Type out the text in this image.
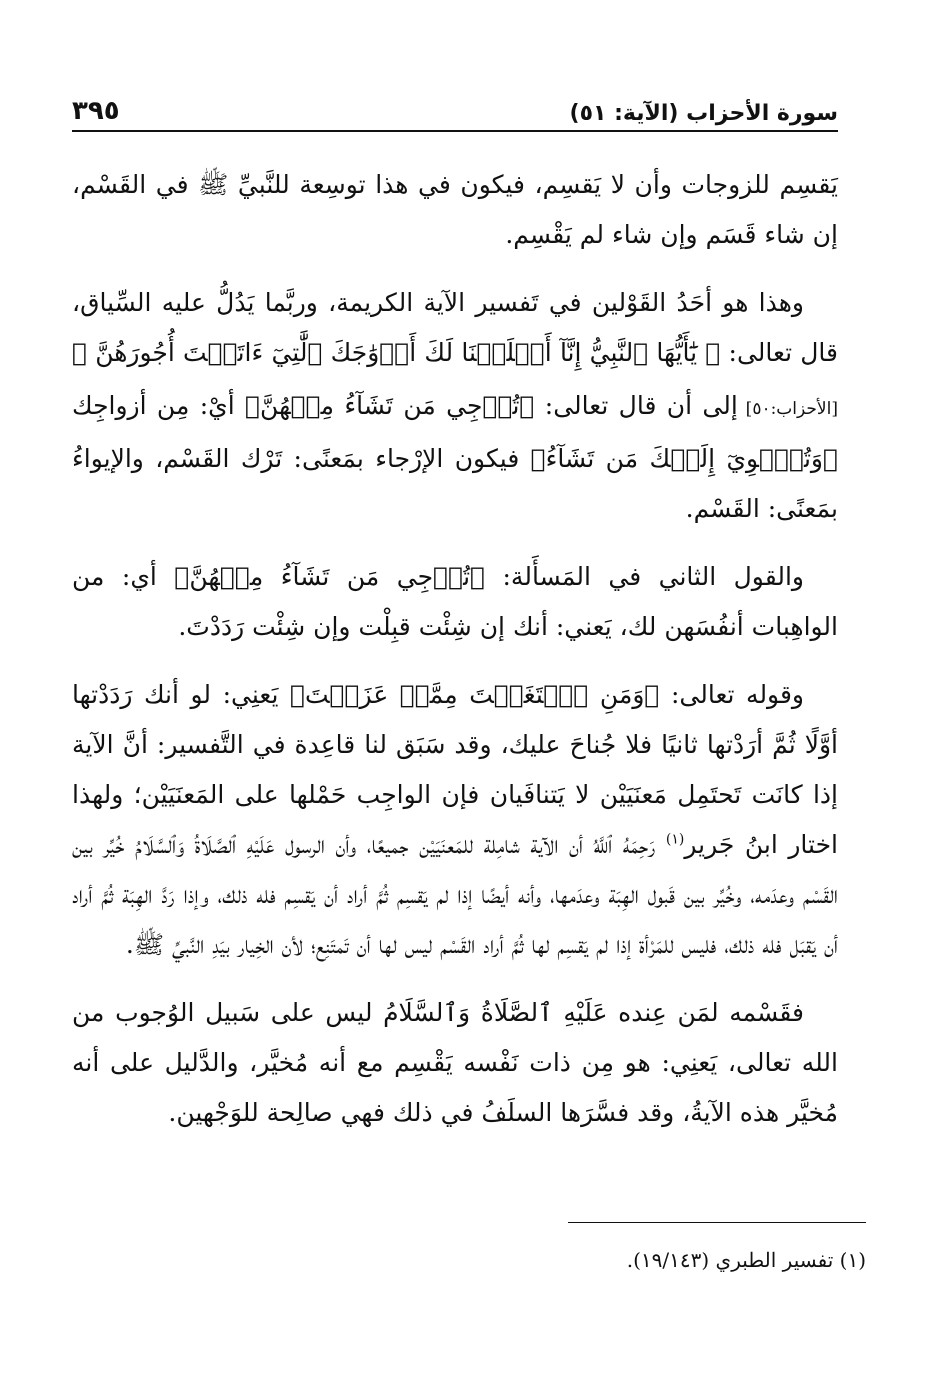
سورة الأحزاب (الآية: ٥١)
٣٩٥

يَقسِم للزوجات وأن لا يَقسِم، فيكون في هذا توسِعة للنَّبيِّ ﷺ في القَسْم، إن شاء قَسَم وإن شاء لم يَقْسِم.

وهذا هو أحَدُ القَوْلين في تَفسير الآية الكريمة، وربَّما يَدُلُّ عليه السِّياق، قال تعالى: ﴿ يَٰٓأَيُّهَا ٱلنَّبِيُّ إِنَّآ أَحۡلَلۡنَا لَكَ أَزۡوَٰجَكَ ٱلَّٰتِيٓ ءَاتَيۡتَ أُجُورَهُنَّ ﴾ [الأحزاب:٥٠] إلى أن قال تعالى: ﴿تُرۡجِي مَن تَشَآءُ مِنۡهُنَّ﴾ أيْ: مِن أزواجِك ﴿وَتُـٔۡوِيٓ إِلَيۡكَ مَن تَشَآءُ﴾ فيكون الإرْجاء بمَعنًى: تَرْك القَسْم، والإيواءُ بمَعنًى: القَسْم.

والقول الثاني في المَسأَلة: ﴿تُرۡجِي مَن تَشَآءُ مِنۡهُنَّ﴾ أي: من الواهِبات أنفُسَهن لك، يَعني: أنك إن شِئْت قبِلْت وإن شِئْت رَدَدْتَ.

وقوله تعالى: ﴿وَمَنِ ٱبۡتَغَيۡتَ مِمَّنۡ عَزَلۡتَ﴾ يَعنِي: لو أنك رَدَدْتها أوَّلًا ثُمَّ أرَدْتها ثانيًا فلا جُناحَ عليك، وقد سَبَق لنا قاعِدة في التَّفسير: أنَّ الآية إذا كانَت تَحتَمِل مَعنَيَيْن لا يَتنافَيان فإن الواجِب حَمْلها على المَعنَيَيْن؛ ولهذا اختار ابنُ جَرير$^{(١)}$ رَحِمَهُ ٱللَّهُ أن الآية شامِلة للمَعنَيَيْن جميعًا، وأن الرسول عَلَيْهِ ٱلصَّلَاةُ وَٱلسَّلَامُ خُيِّر بين القَسْم وعدَمه، وخُيِّر بين قَبول الهِبَة وعدَمها، وأنه أيضًا إذا لم يَقسِم ثُمَّ أراد أن يَقسِم فله ذلك، وإذا رَدَّ الهِبَة ثُمَّ أراد أن يَقبَل فله ذلك، فليس للمَرْأة إذا لم يَقسِم لها ثُمَّ أراد القَسْم ليس لها أن تَمتَنِع؛ لأن الخِيار بيَدِ النَّبيِّ ﷺ.

فقَسْمه لمَن عِنده عَلَيْهِ ٱلصَّلَاةُ وَٱلسَّلَامُ ليس على سَبيل الوُجوب من الله تعالى، يَعنِي: هو مِن ذات نَفْسه يَقْسِم مع أنه مُخيَّر، والدَّليل على أنه مُخيَّر هذه الآيةُ، وقد فسَّرَها السلَفُ في ذلك فهي صالِحة للوَجْهين.

(١) تفسير الطبري (١٩/١٤٣).
